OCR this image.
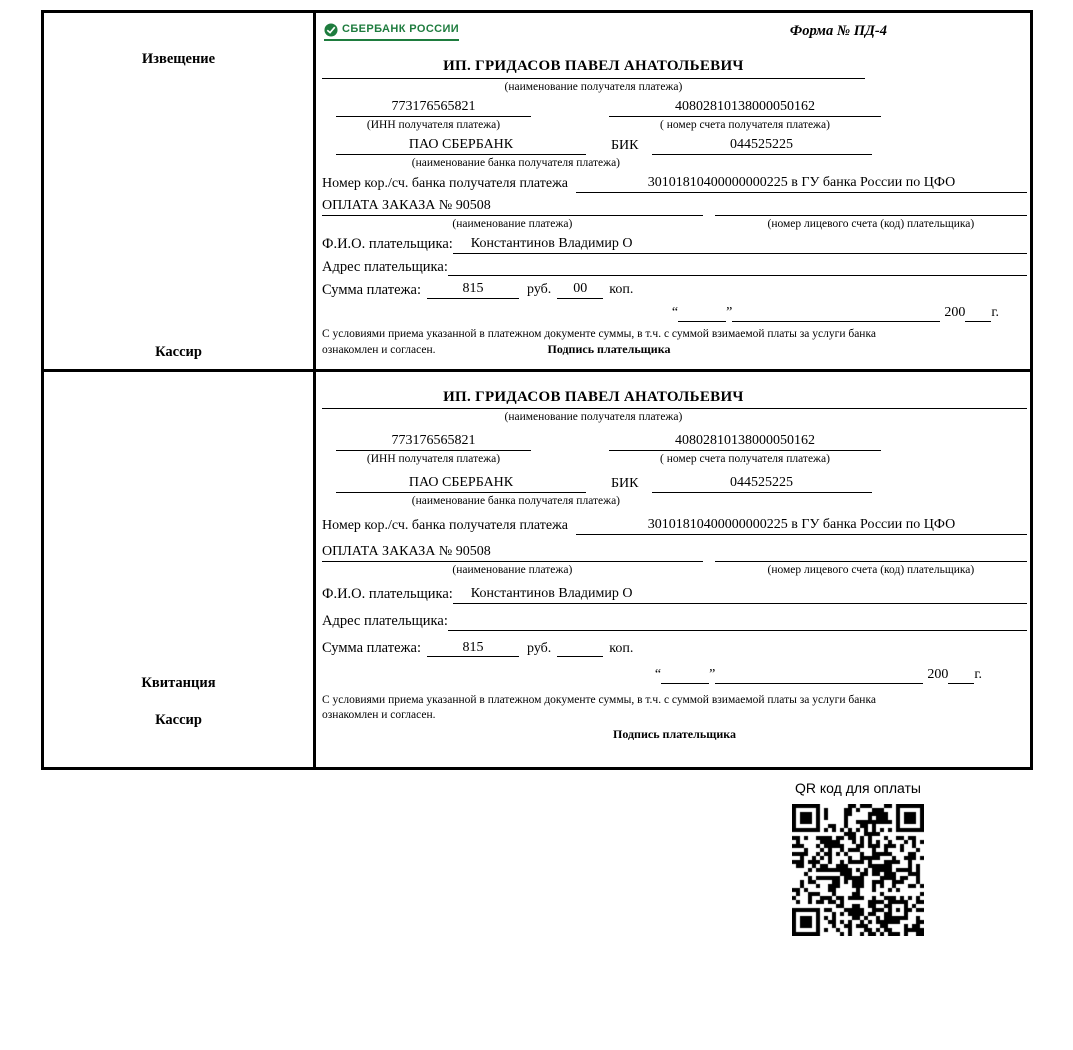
Извещение
Кассир
СБЕРБАНК РОССИИ	Форма № ПД-4
ИП. ГРИДАСОВ ПАВЕЛ АНАТОЛЬЕВИЧ
(наименование получателя платежа)
773176565821	40802810138000050162
(ИНН получателя платежа)	( номер счета получателя платежа)
ПАО СБЕРБАНК	БИК	044525225
(наименование банка получателя платежа)
Номер кор./сч. банка получателя платежа	30101810400000000225 в ГУ банка России по ЦФО
ОПЛАТА ЗАКАЗА № 90508
(наименование платежа)	(номер лицевого счета (код) плательщика)
Ф.И.О. плательщика:	Константинов Владимир О
Адрес плательщика:
Сумма платежа:	815	руб.	00	коп.
“	”	200 г.
С условиями приема указанной в платежном документе суммы, в т.ч. с суммой взимаемой платы за услуги банка
ознакомлен и согласен.	Подпись плательщика
Квитанция
Кассир
ИП. ГРИДАСОВ ПАВЕЛ АНАТОЛЬЕВИЧ
(наименование получателя платежа)
773176565821	40802810138000050162
(ИНН получателя платежа)	( номер счета получателя платежа)
ПАО СБЕРБАНК	БИК	044525225
(наименование банка получателя платежа)
Номер кор./сч. банка получателя платежа	30101810400000000225 в ГУ банка России по ЦФО
ОПЛАТА ЗАКАЗА № 90508
(наименование платежа)	(номер лицевого счета (код) плательщика)
Ф.И.О. плательщика:	Константинов Владимир О
Адрес плательщика:
Сумма платежа:	815	руб.	коп.
“	”	200 г.
С условиями приема указанной в платежном документе суммы, в т.ч. с суммой взимаемой платы за услуги банка
ознакомлен и согласен.
Подпись плательщика
QR код для оплаты
